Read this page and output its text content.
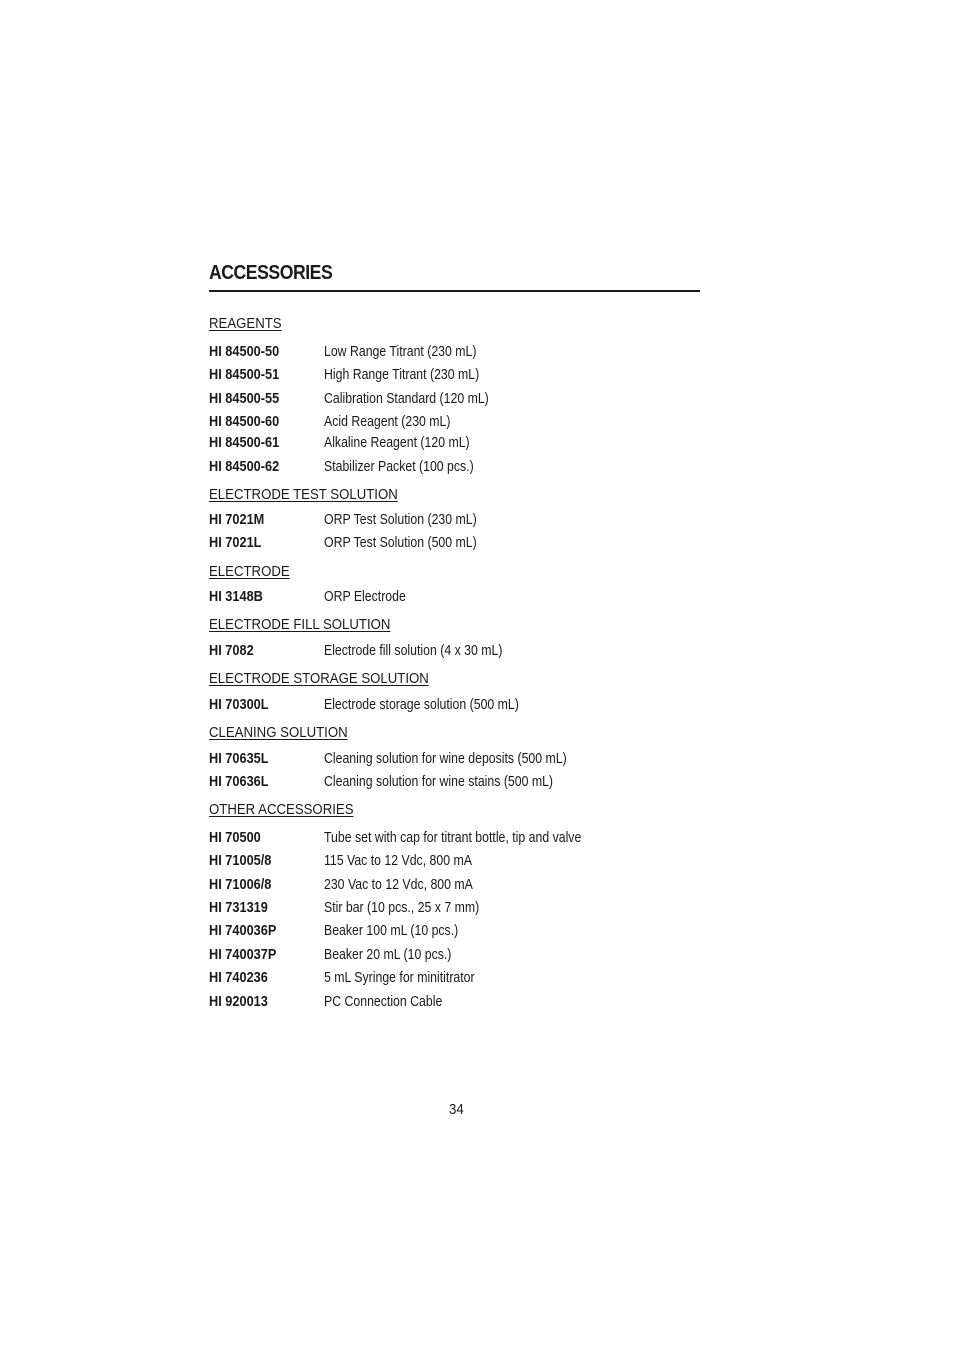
ACCESSORIES
REAGENTS
HI 84500-50	Low Range Titrant (230 mL)
HI 84500-51	High Range Titrant (230 mL)
HI 84500-55	Calibration Standard (120 mL)
HI 84500-60	Acid Reagent (230 mL)
HI 84500-61	Alkaline Reagent (120 mL)
HI 84500-62	Stabilizer Packet (100 pcs.)
ELECTRODE TEST SOLUTION
HI 7021M	ORP Test Solution (230 mL)
HI 7021L	ORP Test Solution (500 mL)
ELECTRODE
HI 3148B	ORP Electrode
ELECTRODE FILL SOLUTION
HI 7082	Electrode fill solution (4 x 30 mL)
ELECTRODE STORAGE SOLUTION
HI 70300L	Electrode storage solution (500 mL)
CLEANING SOLUTION
HI 70635L	Cleaning solution for wine deposits (500 mL)
HI 70636L	Cleaning solution for wine stains (500 mL)
OTHER ACCESSORIES
HI 70500	Tube set with cap for titrant bottle, tip and valve
HI 71005/8	115 Vac to 12 Vdc, 800 mA
HI 71006/8	230 Vac to 12 Vdc, 800 mA
HI 731319	Stir bar (10 pcs., 25 x 7 mm)
HI 740036P	Beaker 100 mL (10 pcs.)
HI 740037P	Beaker 20 mL (10 pcs.)
HI 740236	5 mL Syringe for minititrator
HI 920013	PC Connection Cable
34
